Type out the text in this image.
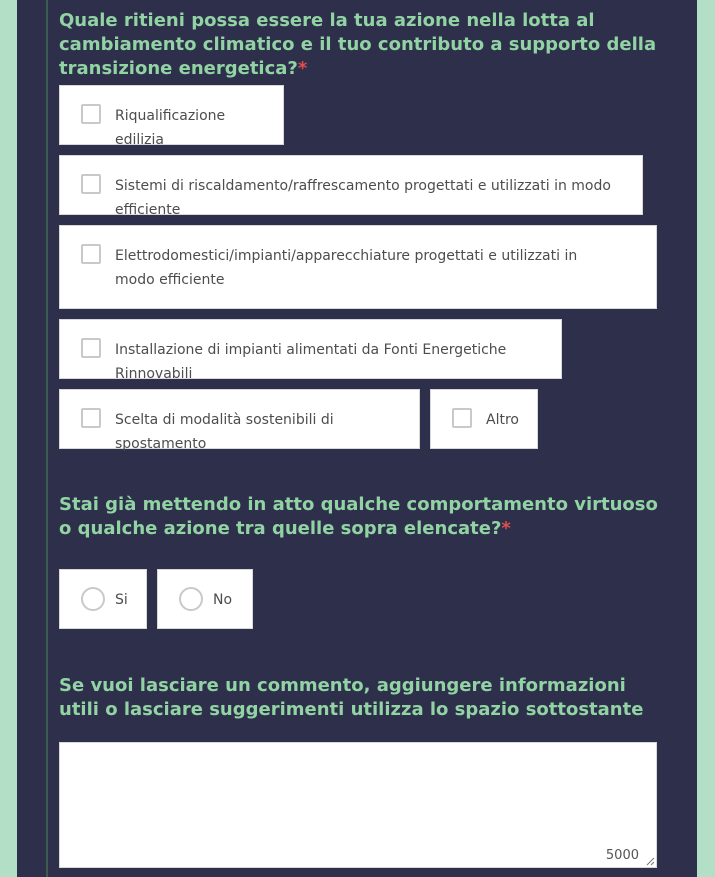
Quale ritieni possa essere la tua azione nella lotta al cambiamento climatico e il tuo contributo a supporto della transizione energetica?*
Riqualificazione edilizia
Sistemi di riscaldamento/raffrescamento progettati e utilizzati in modo efficiente
Elettrodomestici/impianti/apparecchiature progettati e utilizzati in modo efficiente
Installazione di impianti alimentati da Fonti Energetiche Rinnovabili
Scelta di modalità sostenibili di spostamento
Altro
Stai già mettendo in atto qualche comportamento virtuoso o qualche azione tra quelle sopra elencate?*
Si	No
Se vuoi lasciare un commento, aggiungere informazioni utili o lasciare suggerimenti utilizza lo spazio sottostante
5000
